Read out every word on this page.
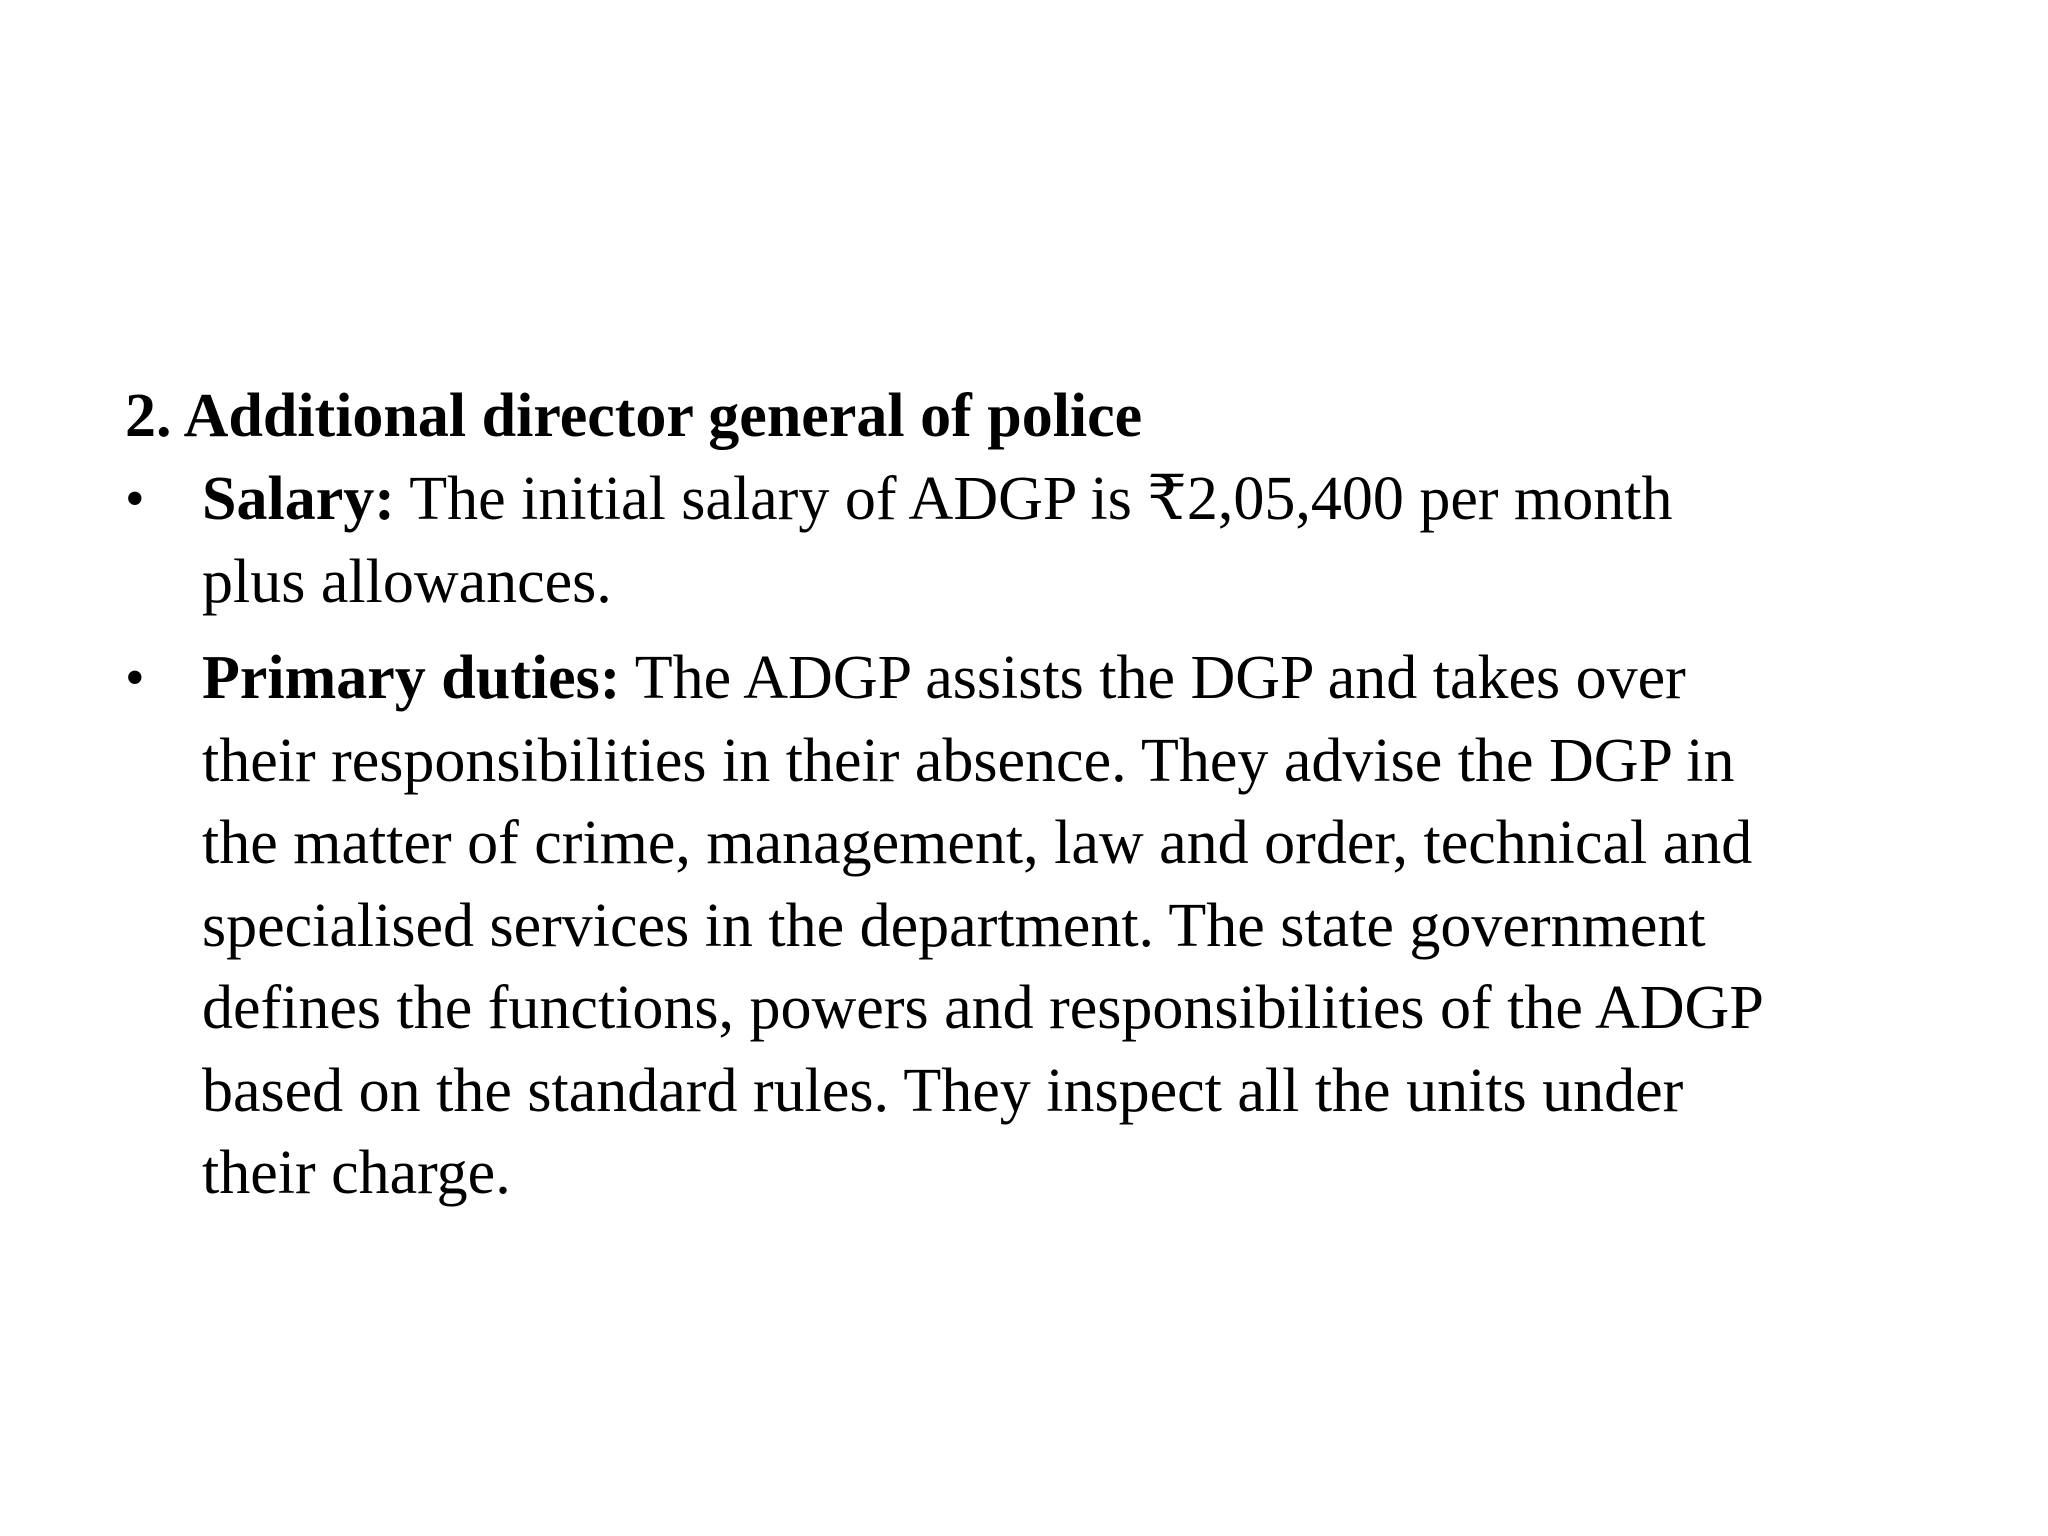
2. Additional director general of police
• Salary: The initial salary of ADGP is ₹2,05,400 per month
plus allowances.
• Primary duties: The ADGP assists the DGP and takes over
their responsibilities in their absence. They advise the DGP in
the matter of crime, management, law and order, technical and
specialised services in the department. The state government
defines the functions, powers and responsibilities of the ADGP
based on the standard rules. They inspect all the units under
their charge.
